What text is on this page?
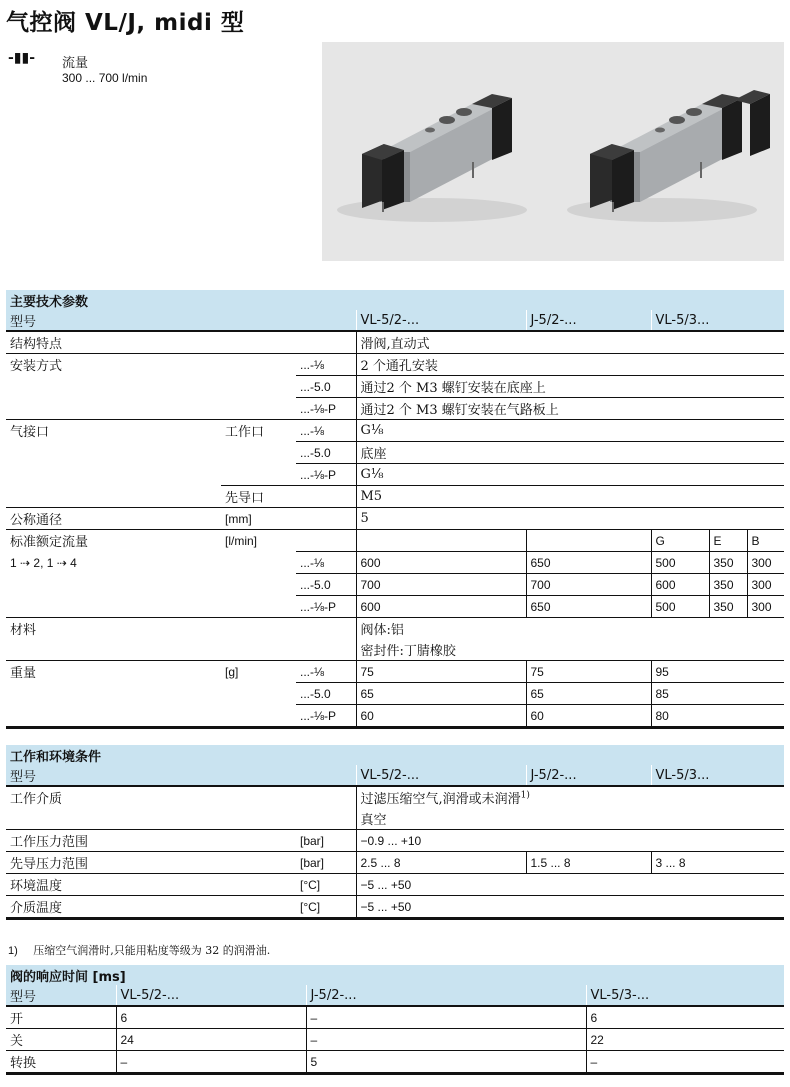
气控阀 VL/J, midi 型
-▮▮- 流量
300 ... 700 l/min
主要技术参数							
型号			VL-5/2-...	J-5/2-...	VL-5/3...		

结构特点			滑阀,直动式				
安装方式		...-⅛	2 个通孔安装				
		...-5.0	通过2 个 M3 螺钉安装在底座上				
		...-⅛-P	通过2 个 M3 螺钉安装在气路板上				
气接口	工作口	...-⅛	G⅛				
		...-5.0	底座				
		...-⅛-P	G⅛				
	先导口		M5				
公称通径	[mm]		5				
标准额定流量	[l/min]				G	E	B
1 ⇢ 2, 1 ⇢ 4		...-⅛	600	650	500	350	300
		...-5.0	700	700	600	350	300
		...-⅛-P	600	650	500	350	300
材料			阀体:铝				
			密封件:丁腈橡胶				
重量	[g]	...-⅛	75	75	95		
		...-5.0	65	65	85		
		...-⅛-P	60	60	80		
工作和环境条件				
型号		VL-5/2-...	J-5/2-...	VL-5/3...

工作介质		过滤压缩空气,润滑或未润滑$^{1)}$
		真空		
工作压力范围	[bar]	−0.9 ... +10		
先导压力范围	[bar]	2.5 ... 8	1.5 ... 8	3 ... 8
环境温度	[°C]	−5 ... +50		
介质温度	[°C]	−5 ... +50		
1) 压缩空气润滑时,只能用粘度等级为 32 的润滑油.
阀的响应时间 [ms]			
型号	VL-5/2-...	J-5/2-...	VL-5/3-...

开	6	–	6
关	24	–	22
转换	–	5	–
